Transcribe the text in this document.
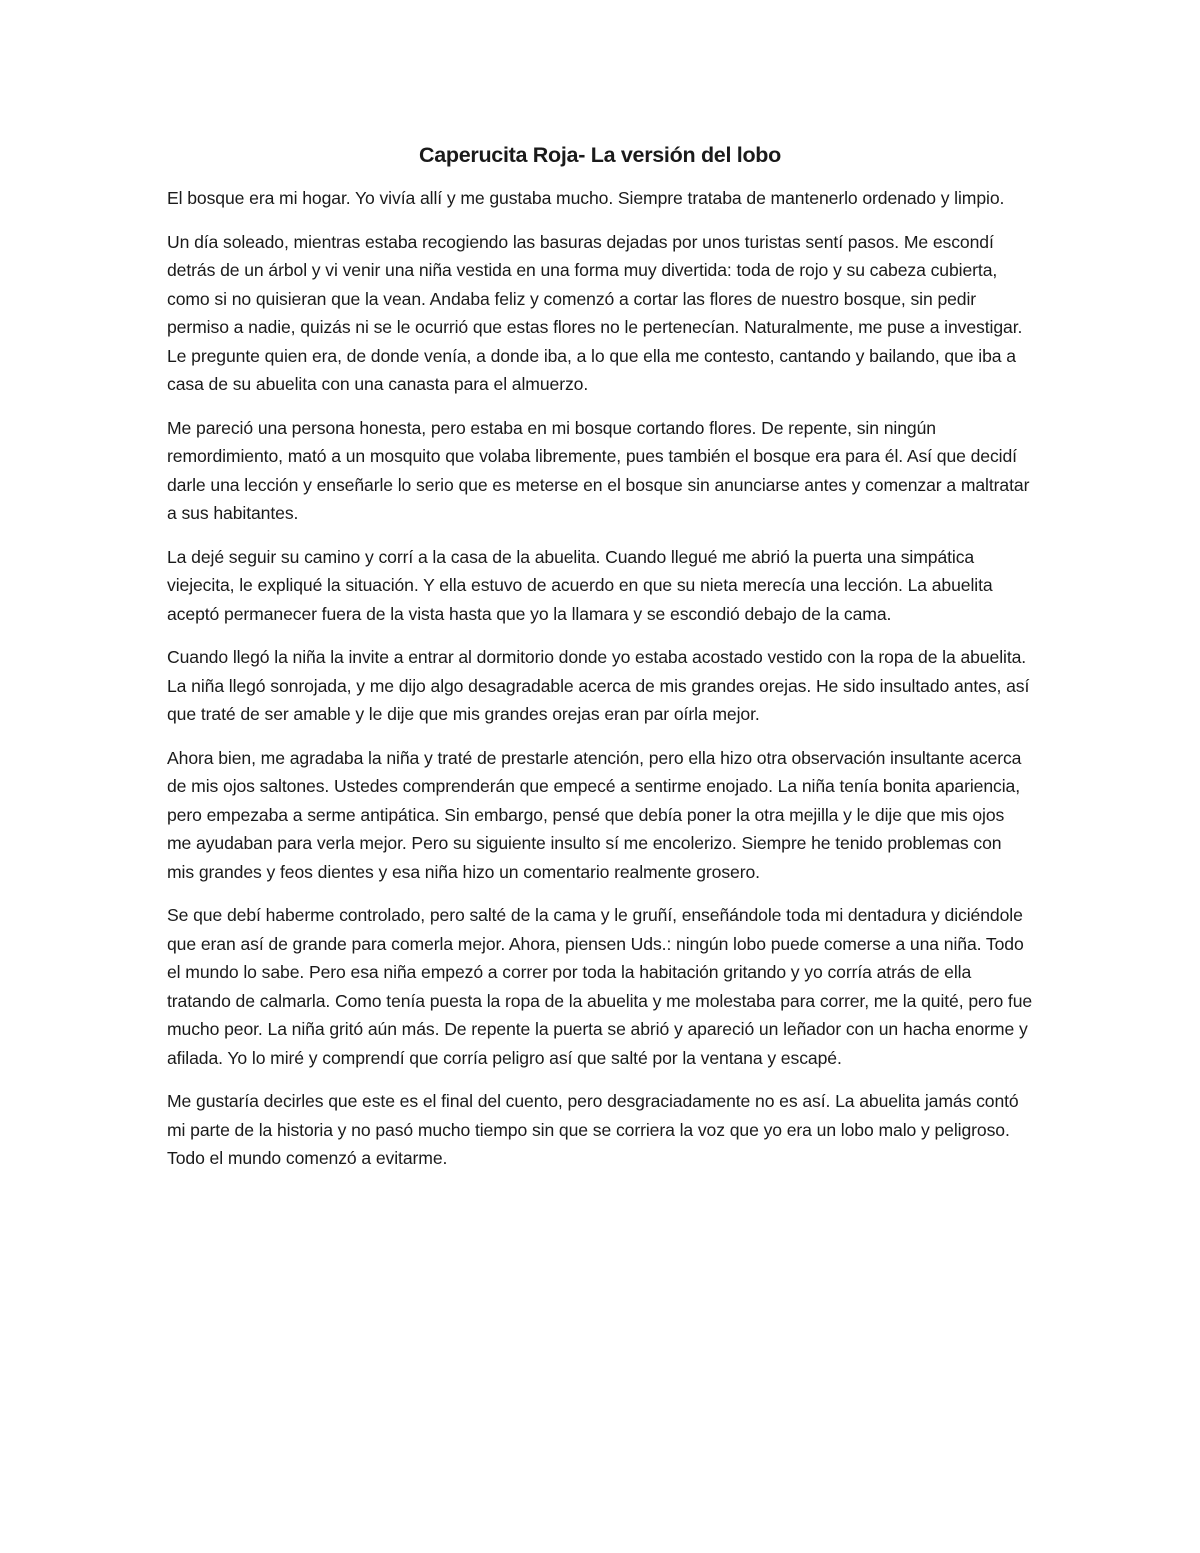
Caperucita Roja- La versión del lobo

El bosque era mi hogar. Yo vivía allí y me gustaba mucho. Siempre trataba de mantenerlo ordenado y limpio.

Un día soleado, mientras estaba recogiendo las basuras dejadas por unos turistas sentí pasos. Me escondí detrás de un árbol y vi venir una niña vestida en una forma muy divertida: toda de rojo y su cabeza cubierta, como si no quisieran que la vean. Andaba feliz y comenzó a cortar las flores de nuestro bosque, sin pedir permiso a nadie, quizás ni se le ocurrió que estas flores no le pertenecían. Naturalmente, me puse a investigar. Le pregunte quien era, de donde venía, a donde iba, a lo que ella me contesto, cantando y bailando, que iba a casa de su abuelita con una canasta para el almuerzo.

Me pareció una persona honesta, pero estaba en mi bosque cortando flores. De repente, sin ningún remordimiento, mató a un mosquito que volaba libremente, pues también el bosque era para él. Así que decidí darle una lección y enseñarle lo serio que es meterse en el bosque sin anunciarse antes y comenzar a maltratar a sus habitantes.

La dejé seguir su camino y corrí a la casa de la abuelita. Cuando llegué me abrió la puerta una simpática viejecita, le expliqué la situación. Y ella estuvo de acuerdo en que su nieta merecía una lección. La abuelita aceptó permanecer fuera de la vista hasta que yo la llamara y se escondió debajo de la cama.

Cuando llegó la niña la invite a entrar al dormitorio donde yo estaba acostado vestido con la ropa de la abuelita. La niña llegó sonrojada, y me dijo algo desagradable acerca de mis grandes orejas. He sido insultado antes, así que traté de ser amable y le dije que mis grandes orejas eran par oírla mejor.

Ahora bien, me agradaba la niña y traté de prestarle atención, pero ella hizo otra observación insultante acerca de mis ojos saltones. Ustedes comprenderán que empecé a sentirme enojado. La niña tenía bonita apariencia, pero empezaba a serme antipática. Sin embargo, pensé que debía poner la otra mejilla y le dije que mis ojos me ayudaban para verla mejor. Pero su siguiente insulto sí me encolerizo. Siempre he tenido problemas con mis grandes y feos dientes y esa niña hizo un comentario realmente grosero.

Se que debí haberme controlado, pero salté de la cama y le gruñí, enseñándole toda mi dentadura y diciéndole que eran así de grande para comerla mejor. Ahora, piensen Uds.: ningún lobo puede comerse a una niña. Todo el mundo lo sabe. Pero esa niña empezó a correr por toda la habitación gritando y yo corría atrás de ella tratando de calmarla. Como tenía puesta la ropa de la abuelita y me molestaba para correr, me la quité, pero fue mucho peor. La niña gritó aún más. De repente la puerta se abrió y apareció un leñador con un hacha enorme y afilada. Yo lo miré y comprendí que corría peligro así que salté por la ventana y escapé.

Me gustaría decirles que este es el final del cuento, pero desgraciadamente no es así. La abuelita jamás contó mi parte de la historia y no pasó mucho tiempo sin que se corriera la voz que yo era un lobo malo y peligroso. Todo el mundo comenzó a evitarme.
